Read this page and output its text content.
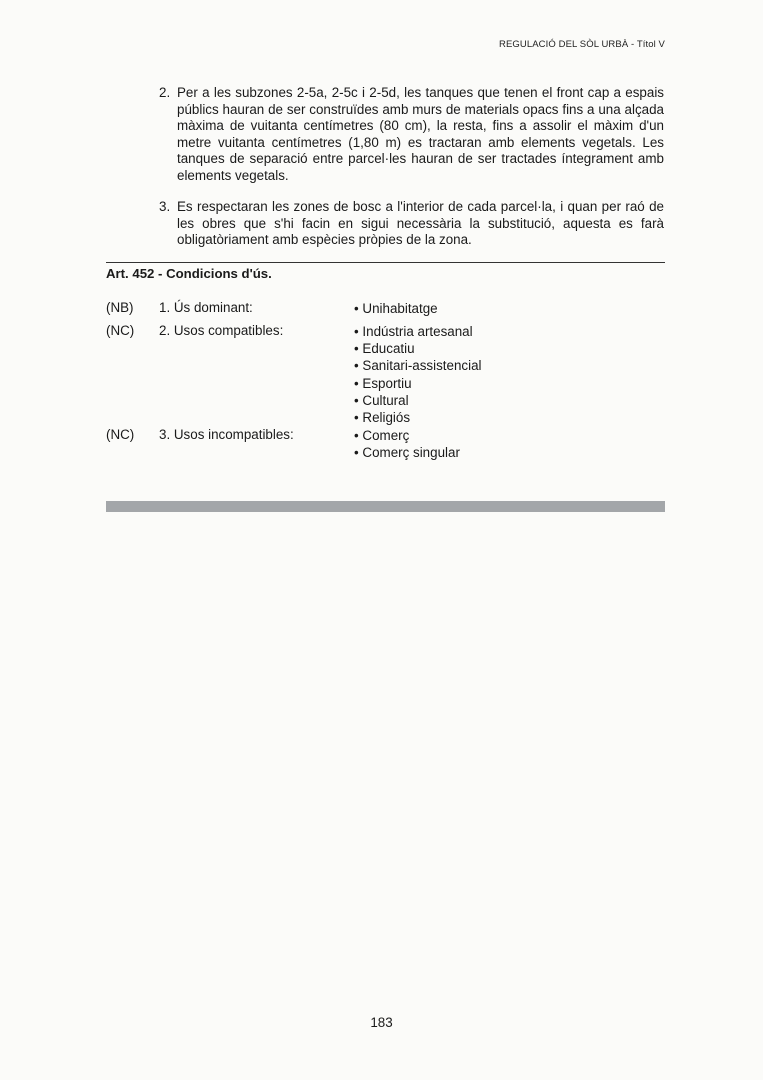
REGULACIÓ DEL SÒL URBÀ - Títol V
2. Per a les subzones 2-5a, 2-5c i 2-5d, les tanques que tenen el front cap a espais públics hauran de ser construïdes amb murs de materials opacs fins a una alçada màxima de vuitanta centímetres (80 cm), la resta, fins a assolir el màxim d'un metre vuitanta centímetres (1,80 m) es tractaran amb elements vegetals. Les tanques de separació entre parcel·les hauran de ser tractades íntegrament amb elements vegetals.
3. Es respectaran les zones de bosc a l'interior de cada parcel·la, i quan per raó de les obres que s'hi facin en sigui necessària la substitució, aquesta es farà obligatòriament amb espècies pròpies de la zona.
Art. 452 - Condicions d'ús.
(NB) 1. Ús dominant:	• Unihabitatge
(NC) 2. Usos compatibles:	• Indústria artesanal
• Educatiu
• Sanitari-assistencial
• Esportiu
• Cultural
• Religiós
(NC) 3. Usos incompatibles:	• Comerç
• Comerç singular
183
